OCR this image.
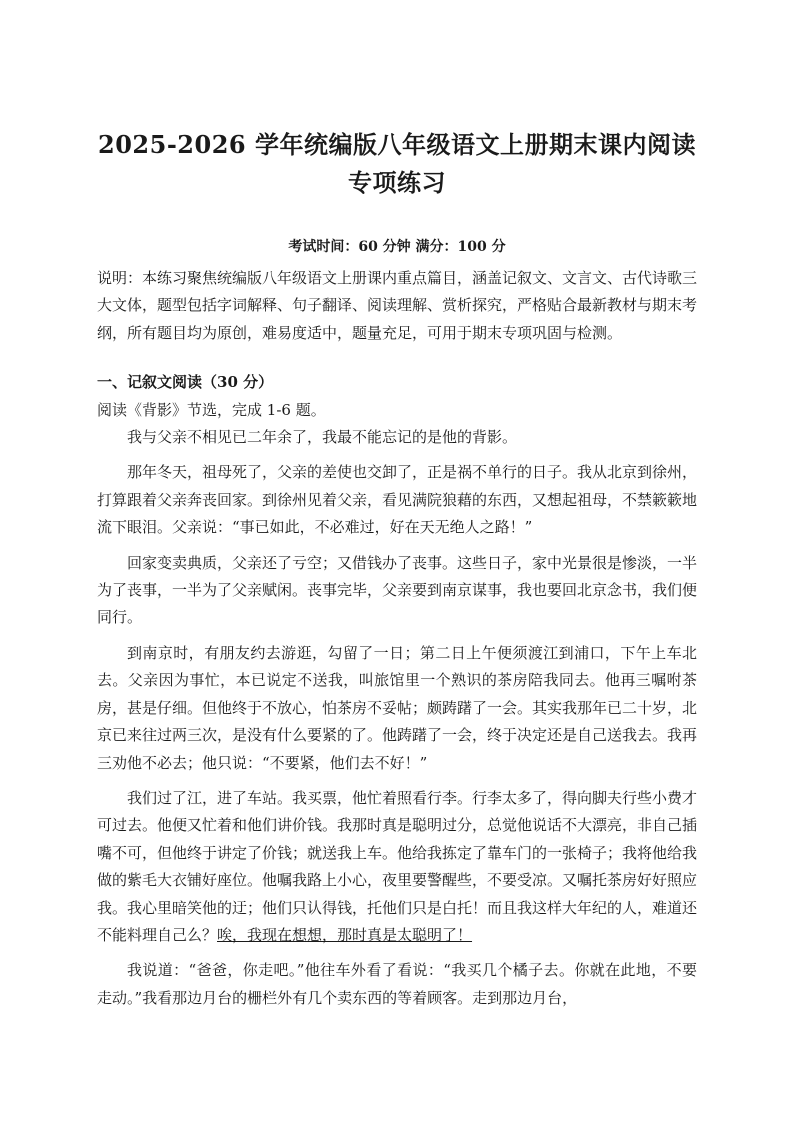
2025-2026 学年统编版八年级语文上册期末课内阅读专项练习
考试时间：60 分钟 满分：100 分

说明：本练习聚焦统编版八年级语文上册课内重点篇目，涵盖记叙文、文言文、古代诗歌三大文体，题型包括字词解释、句子翻译、阅读理解、赏析探究，严格贴合最新教材与期末考纲，所有题目均为原创，难易度适中，题量充足，可用于期末专项巩固与检测。

一、记叙文阅读（30 分）

阅读《背影》节选，完成 1-6 题。

我与父亲不相见已二年余了，我最不能忘记的是他的背影。

那年冬天，祖母死了，父亲的差使也交卸了，正是祸不单行的日子。我从北京到徐州，打算跟着父亲奔丧回家。到徐州见着父亲，看见满院狼藉的东西，又想起祖母，不禁簌簌地流下眼泪。父亲说：“事已如此，不必难过，好在天无绝人之路！”

回家变卖典质，父亲还了亏空；又借钱办了丧事。这些日子，家中光景很是惨淡，一半为了丧事，一半为了父亲赋闲。丧事完毕，父亲要到南京谋事，我也要回北京念书，我们便同行。

到南京时，有朋友约去游逛，勾留了一日；第二日上午便须渡江到浦口，下午上车北去。父亲因为事忙，本已说定不送我，叫旅馆里一个熟识的茶房陪我同去。他再三嘱咐茶房，甚是仔细。但他终于不放心，怕茶房不妥帖；颇踌躇了一会。其实我那年已二十岁，北京已来往过两三次，是没有什么要紧的了。他踌躇了一会，终于决定还是自己送我去。我再三劝他不必去；他只说：“不要紧，他们去不好！”

我们过了江，进了车站。我买票，他忙着照看行李。行李太多了，得向脚夫行些小费才可过去。他便又忙着和他们讲价钱。我那时真是聪明过分，总觉他说话不大漂亮，非自己插嘴不可，但他终于讲定了价钱；就送我上车。他给我拣定了靠车门的一张椅子；我将他给我做的紫毛大衣铺好座位。他嘱我路上小心，夜里要警醒些，不要受凉。又嘱托茶房好好照应我。我心里暗笑他的迂；他们只认得钱，托他们只是白托！而且我这样大年纪的人，难道还不能料理自己么？唉，我现在想想，那时真是太聪明了！

我说道：“爸爸，你走吧。”他往车外看了看说：“我买几个橘子去。你就在此地，不要走动。”我看那边月台的栅栏外有几个卖东西的等着顾客。走到那边月台，
